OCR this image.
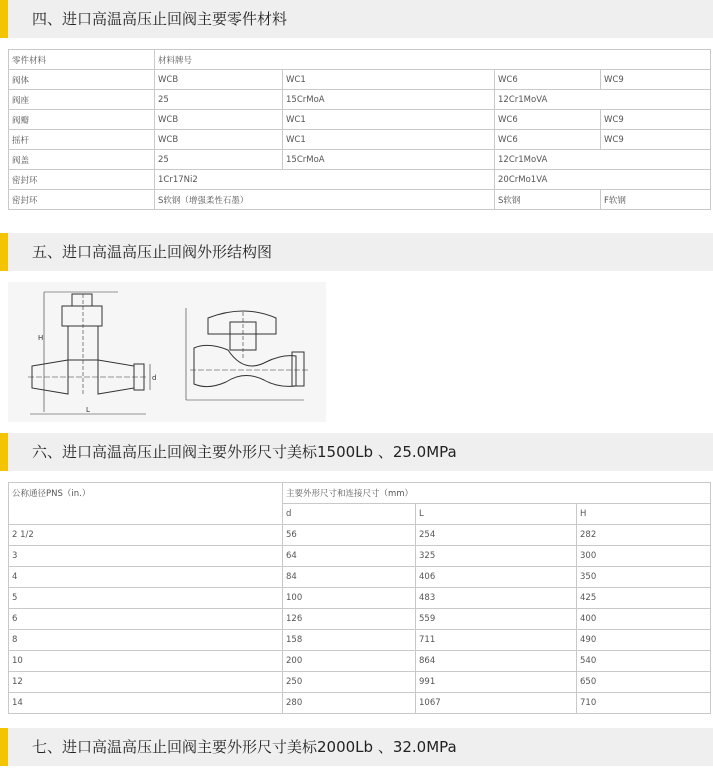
四、进口高温高压止回阀主要零件材料
零件材料	材料牌号			
阀体	WCB	WC1	WC6	WC9
阀座	25	15CrMoA	12Cr1MoVA	
阀瓣	WCB	WC1	WC6	WC9
摇杆	WCB	WC1	WC6	WC9
阀盖	25	15CrMoA	12Cr1MoVA	
密封环	1Cr17Ni2		20CrMo1VA	
密封环	S软钢（增强柔性石墨）		S软钢	F软钢
五、进口高温高压止回阀外形结构图
H
L
d
六、进口高温高压止回阀主要外形尺寸美标1500Lb 、25.0MPa
公称通径PNS（in.）	主要外形尺寸和连接尺寸（mm）		
	d	L	H
2 1/2	56	254	282
3	64	325	300
4	84	406	350
5	100	483	425
6	126	559	400
8	158	711	490
10	200	864	540
12	250	991	650
14	280	1067	710
七、进口高温高压止回阀主要外形尺寸美标2000Lb 、32.0MPa
